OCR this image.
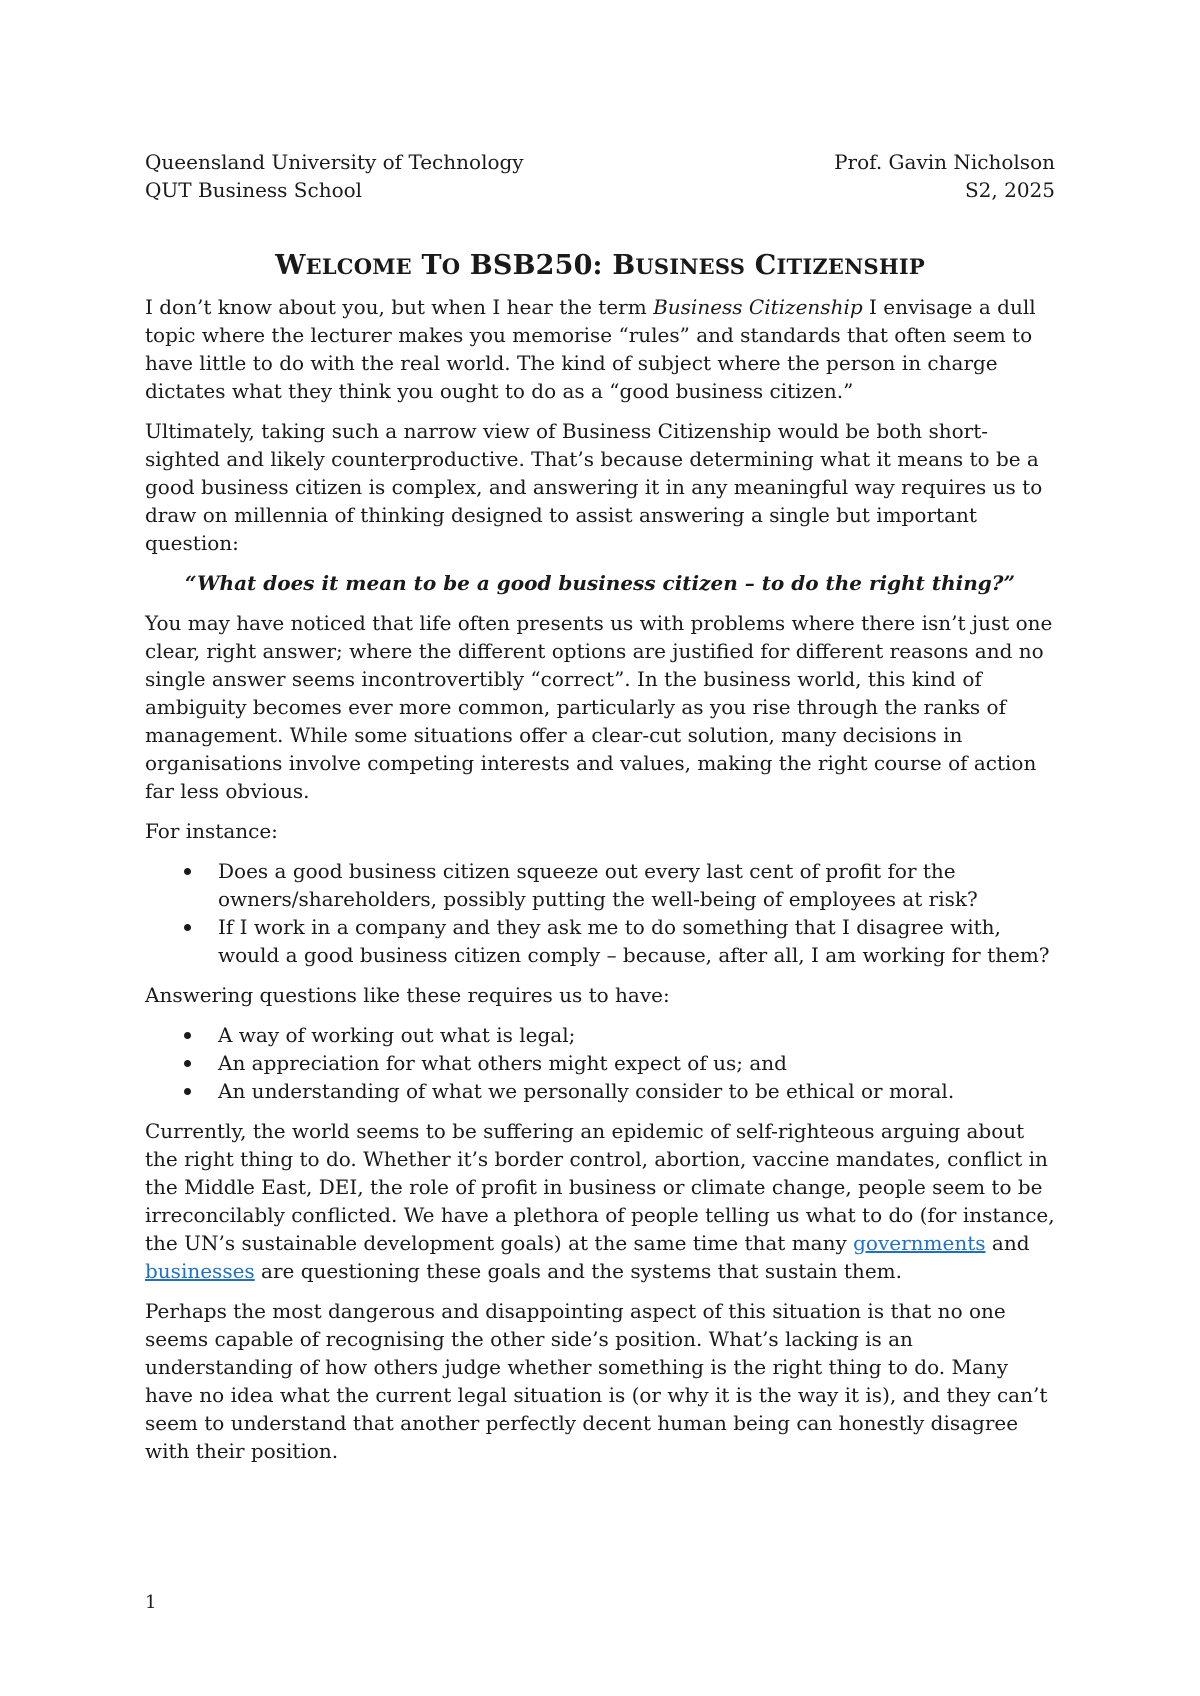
Queensland University of Technology	Prof. Gavin Nicholson
QUT Business School	S2, 2025
WELCOME TO BSB250: BUSINESS CITIZENSHIP

I don’t know about you, but when I hear the term Business Citizenship I envisage a dull topic where the lecturer makes you memorise “rules” and standards that often seem to have little to do with the real world. The kind of subject where the person in charge dictates what they think you ought to do as a “good business citizen.”

Ultimately, taking such a narrow view of Business Citizenship would be both short-sighted and likely counterproductive. That’s because determining what it means to be a good business citizen is complex, and answering it in any meaningful way requires us to draw on millennia of thinking designed to assist answering a single but important question:

“What does it mean to be a good business citizen – to do the right thing?”

You may have noticed that life often presents us with problems where there isn’t just one clear, right answer; where the different options are justified for different reasons and no single answer seems incontrovertibly “correct”. In the business world, this kind of ambiguity becomes ever more common, particularly as you rise through the ranks of management. While some situations offer a clear-cut solution, many decisions in organisations involve competing interests and values, making the right course of action far less obvious.

For instance:

Does a good business citizen squeeze out every last cent of profit for the owners/shareholders, possibly putting the well-being of employees at risk?
If I work in a company and they ask me to do something that I disagree with, would a good business citizen comply – because, after all, I am working for them?

Answering questions like these requires us to have:

A way of working out what is legal;
An appreciation for what others might expect of us; and
An understanding of what we personally consider to be ethical or moral.

Currently, the world seems to be suffering an epidemic of self-righteous arguing about the right thing to do. Whether it’s border control, abortion, vaccine mandates, conflict in the Middle East, DEI, the role of profit in business or climate change, people seem to be irreconcilably conflicted. We have a plethora of people telling us what to do (for instance, the UN’s sustainable development goals) at the same time that many governments and businesses are questioning these goals and the systems that sustain them.

Perhaps the most dangerous and disappointing aspect of this situation is that no one seems capable of recognising the other side’s position. What’s lacking is an understanding of how others judge whether something is the right thing to do. Many have no idea what the current legal situation is (or why it is the way it is), and they can’t seem to understand that another perfectly decent human being can honestly disagree with their position.

1
